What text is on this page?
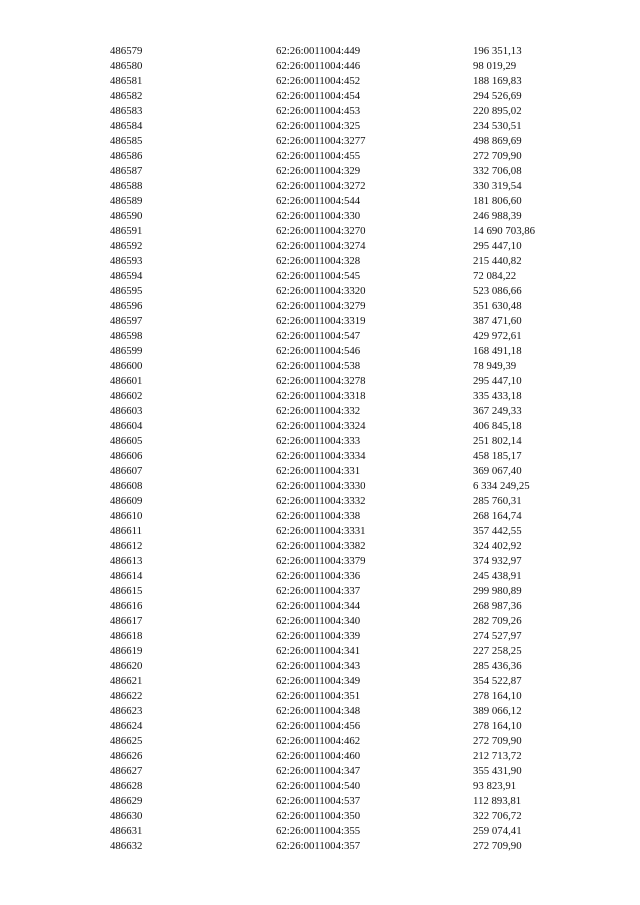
486579	62:26:0011004:449	196 351,13
486580	62:26:0011004:446	98 019,29
486581	62:26:0011004:452	188 169,83
486582	62:26:0011004:454	294 526,69
486583	62:26:0011004:453	220 895,02
486584	62:26:0011004:325	234 530,51
486585	62:26:0011004:3277	498 869,69
486586	62:26:0011004:455	272 709,90
486587	62:26:0011004:329	332 706,08
486588	62:26:0011004:3272	330 319,54
486589	62:26:0011004:544	181 806,60
486590	62:26:0011004:330	246 988,39
486591	62:26:0011004:3270	14 690 703,86
486592	62:26:0011004:3274	295 447,10
486593	62:26:0011004:328	215 440,82
486594	62:26:0011004:545	72 084,22
486595	62:26:0011004:3320	523 086,66
486596	62:26:0011004:3279	351 630,48
486597	62:26:0011004:3319	387 471,60
486598	62:26:0011004:547	429 972,61
486599	62:26:0011004:546	168 491,18
486600	62:26:0011004:538	78 949,39
486601	62:26:0011004:3278	295 447,10
486602	62:26:0011004:3318	335 433,18
486603	62:26:0011004:332	367 249,33
486604	62:26:0011004:3324	406 845,18
486605	62:26:0011004:333	251 802,14
486606	62:26:0011004:3334	458 185,17
486607	62:26:0011004:331	369 067,40
486608	62:26:0011004:3330	6 334 249,25
486609	62:26:0011004:3332	285 760,31
486610	62:26:0011004:338	268 164,74
486611	62:26:0011004:3331	357 442,55
486612	62:26:0011004:3382	324 402,92
486613	62:26:0011004:3379	374 932,97
486614	62:26:0011004:336	245 438,91
486615	62:26:0011004:337	299 980,89
486616	62:26:0011004:344	268 987,36
486617	62:26:0011004:340	282 709,26
486618	62:26:0011004:339	274 527,97
486619	62:26:0011004:341	227 258,25
486620	62:26:0011004:343	285 436,36
486621	62:26:0011004:349	354 522,87
486622	62:26:0011004:351	278 164,10
486623	62:26:0011004:348	389 066,12
486624	62:26:0011004:456	278 164,10
486625	62:26:0011004:462	272 709,90
486626	62:26:0011004:460	212 713,72
486627	62:26:0011004:347	355 431,90
486628	62:26:0011004:540	93 823,91
486629	62:26:0011004:537	112 893,81
486630	62:26:0011004:350	322 706,72
486631	62:26:0011004:355	259 074,41
486632	62:26:0011004:357	272 709,90
